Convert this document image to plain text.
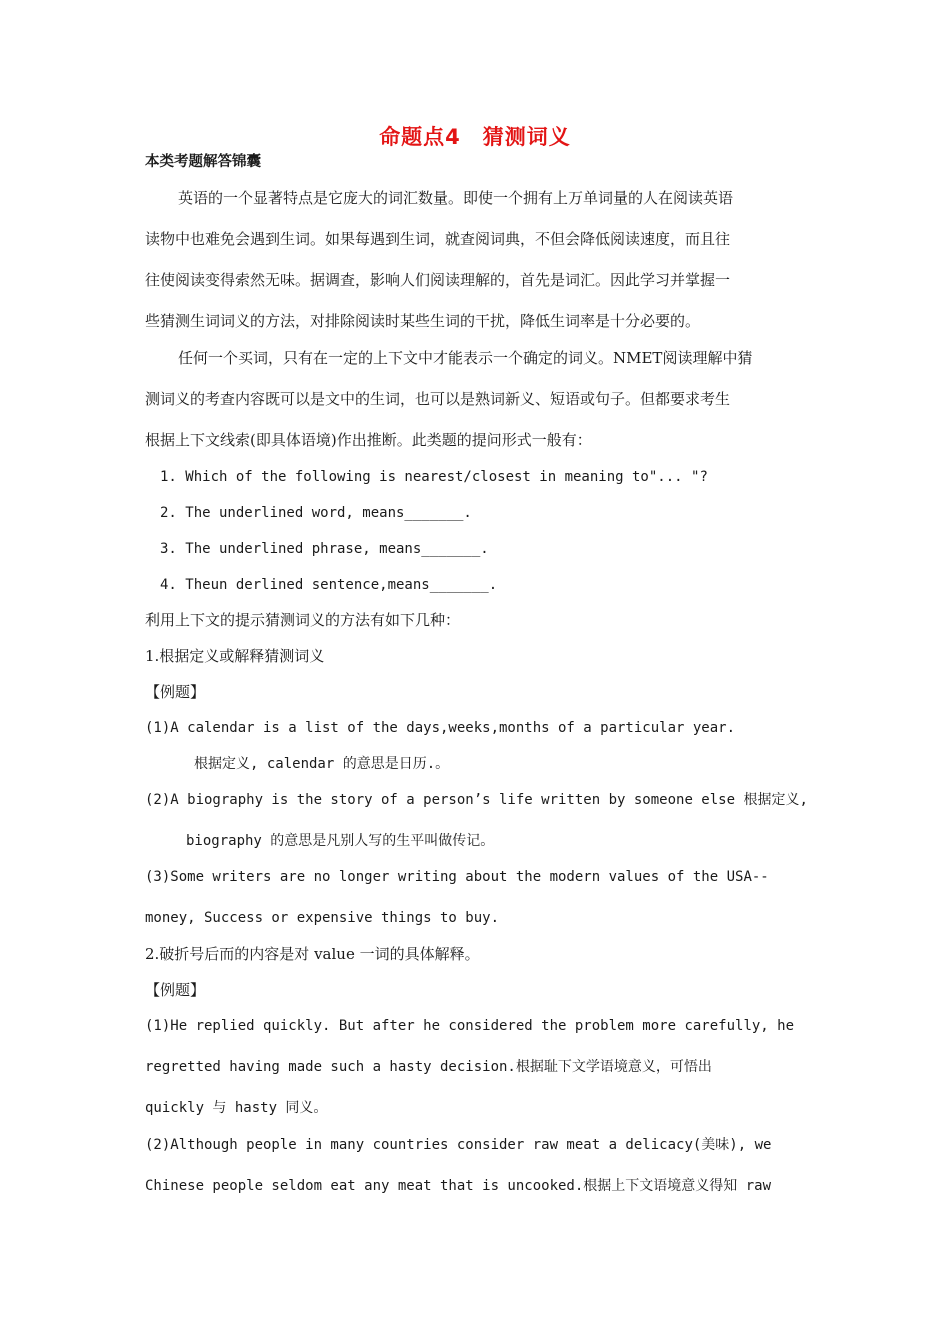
命题点4　猜测词义
本类考题解答锦囊
英语的一个显著特点是它庞大的词汇数量。即使一个拥有上万单词量的人在阅读英语
读物中也难免会遇到生词。如果每遇到生词，就查阅词典，不但会降低阅读速度，而且往
往使阅读变得索然无味。据调查，影响人们阅读理解的，首先是词汇。因此学习并掌握一
些猜测生词词义的方法，对排除阅读时某些生词的干扰，降低生词率是十分必要的。
任何一个买词，只有在一定的上下文中才能表示一个确定的词义。NMET阅读理解中猜
测词义的考查内容既可以是文中的生词，也可以是熟词新义、短语或句子。但都要求考生
根据上下文线索(即具体语境)作出推断。此类题的提问形式一般有：
1. Which of the following is nearest/closest in meaning to"... "?
2. The underlined word, means_______.
3. The underlined phrase, means_______.
4. Theun derlined sentence,means_______.
利用上下文的提示猜测词义的方法有如下几种：
1.根据定义或解释猜测词义
【例题】
(1)A calendar is a list of the days,weeks,months of a particular year.
根据定义, calendar 的意思是日历.。
(2)A biography is the story of a person’s life written by someone else 根据定义,
biography 的意思是凡别人写的生平叫做传记。
(3)Some writers are no longer writing about the modern values of the USA--
money, Success or expensive things to buy.
2.破折号后而的内容是对 value 一词的具体解释。
【例题】
(1)He replied quickly. But after he considered the problem more carefully, he
regretted having made such a hasty decision.根据耻下文学语境意义，可悟出
quickly 与 hasty 同义。
(2)Although people in many countries consider raw meat a delicacy(美味), we
Chinese people seldom eat any meat that is uncooked.根据上下文语境意义得知 raw
